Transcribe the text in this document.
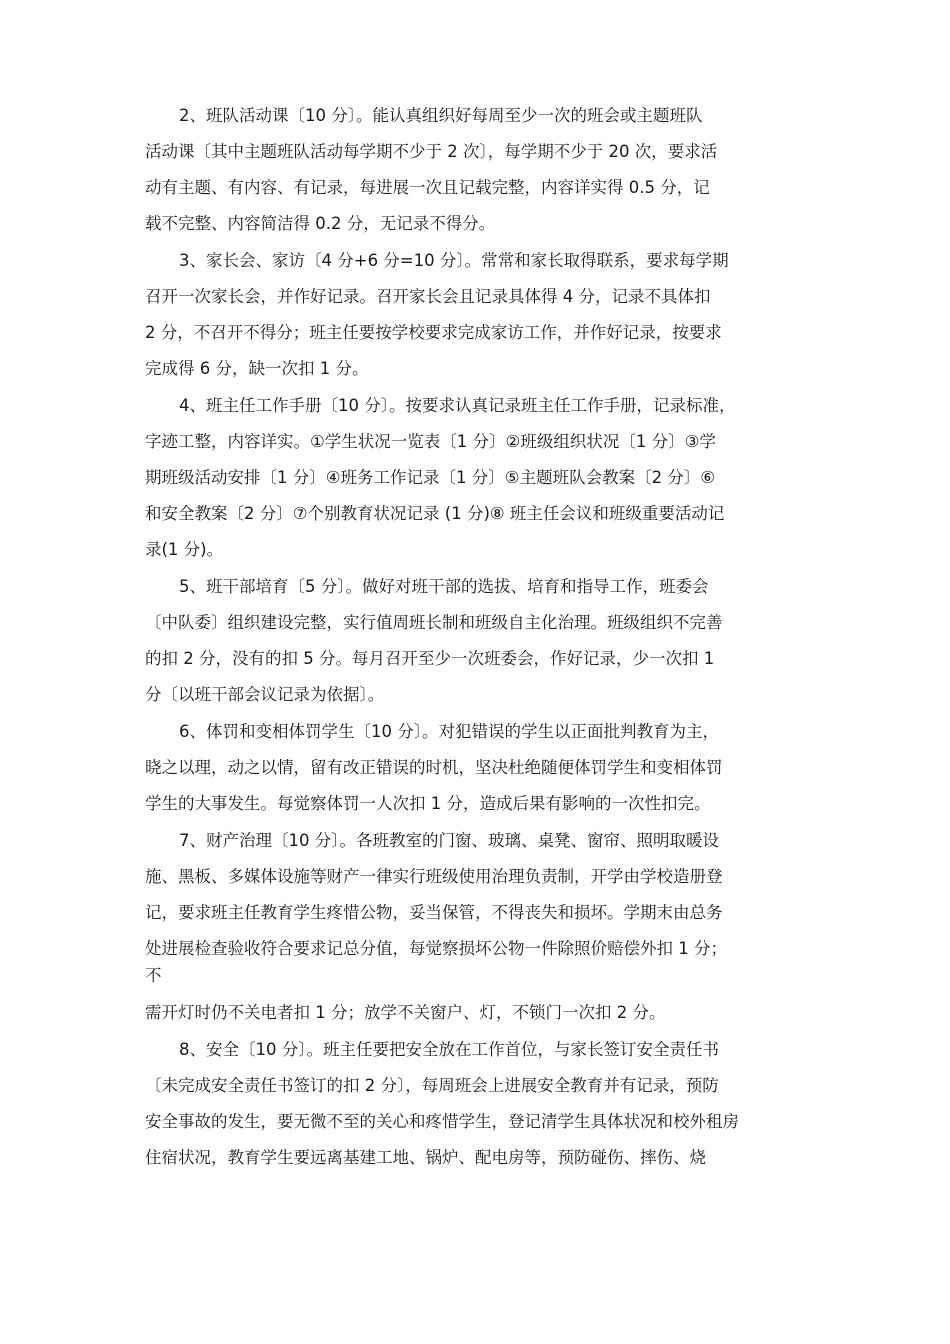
2、班队活动课〔10 分〕。能认真组织好每周至少一次的班会或主题班队
活动课〔其中主题班队活动每学期不少于 2 次〕，每学期不少于 20 次，要求活
动有主题、有内容、有记录，每进展一次且记载完整，内容详实得 0.5 分，记
载不完整、内容简洁得 0.2 分，无记录不得分。
3、家长会、家访〔4 分+6 分=10 分〕。常常和家长取得联系，要求每学期
召开一次家长会，并作好记录。召开家长会且记录具体得 4 分，记录不具体扣
2 分，不召开不得分；班主任要按学校要求完成家访工作，并作好记录，按要求
完成得 6 分，缺一次扣 1 分。
4、班主任工作手册〔10 分〕。按要求认真记录班主任工作手册，记录标准，
字迹工整，内容详实。①学生状况一览表〔1 分〕②班级组织状况〔1 分〕③学
期班级活动安排〔1 分〕④班务工作记录〔1 分〕⑤主题班队会教案〔2 分〕⑥
和安全教案〔2 分〕⑦个别教育状况记录 (1 分)⑧ 班主任会议和班级重要活动记
录(1 分)。
5、班干部培育〔5 分〕。做好对班干部的选拔、培育和指导工作，班委会
〔中队委〕组织建设完整，实行值周班长制和班级自主化治理。班级组织不完善
的扣 2 分，没有的扣 5 分。每月召开至少一次班委会，作好记录，少一次扣 1
分〔以班干部会议记录为依据〕。
6、体罚和变相体罚学生〔10 分〕。对犯错误的学生以正面批判教育为主，
晓之以理，动之以情，留有改正错误的时机，坚决杜绝随便体罚学生和变相体罚
学生的大事发生。每觉察体罚一人次扣 1 分，造成后果有影响的一次性扣完。
7、财产治理〔10 分〕。各班教室的门窗、玻璃、桌凳、窗帘、照明取暖设
施、黑板、多媒体设施等财产一律实行班级使用治理负责制，开学由学校造册登
记，要求班主任教育学生疼惜公物，妥当保管，不得丧失和损坏。学期末由总务
处进展检查验收符合要求记总分值，每觉察损坏公物一件除照价赔偿外扣 1 分；
不
需开灯时仍不关电者扣 1 分；放学不关窗户、灯，不锁门一次扣 2 分。
8、安全〔10 分〕。班主任要把安全放在工作首位，与家长签订安全责任书
〔未完成安全责任书签订的扣 2 分〕，每周班会上进展安全教育并有记录，预防
安全事故的发生，要无微不至的关心和疼惜学生，登记清学生具体状况和校外租房
住宿状况，教育学生要远离基建工地、锅炉、配电房等，预防碰伤、摔伤、烧
